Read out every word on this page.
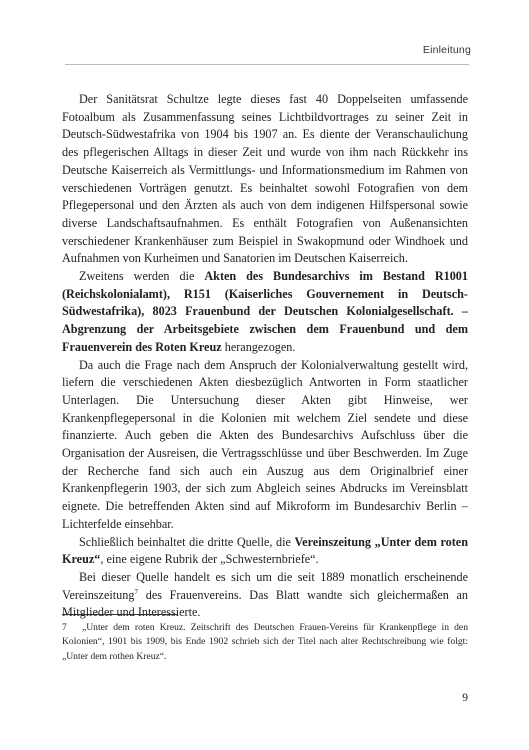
Einleitung

Der Sanitätsrat Schultze legte dieses fast 40 Doppelseiten umfassende Fotoalbum als Zusammenfassung seines Lichtbildvortrages zu seiner Zeit in Deutsch-Südwestafrika von 1904 bis 1907 an. Es diente der Veranschaulichung des pflegerischen Alltags in dieser Zeit und wurde von ihm nach Rückkehr ins Deutsche Kaiserreich als Vermittlungs- und Informationsmedium im Rahmen von verschiedenen Vorträgen genutzt. Es beinhaltet sowohl Fotografien von dem Pflegepersonal und den Ärzten als auch von dem indigenen Hilfspersonal sowie diverse Landschaftsaufnahmen. Es enthält Fotografien von Außenansichten verschiedener Krankenhäuser zum Beispiel in Swakopmund oder Windhoek und Aufnahmen von Kurheimen und Sanatorien im Deutschen Kaiserreich.

Zweitens werden die Akten des Bundesarchivs im Bestand R1001 (Reichskolonialamt), R151 (Kaiserliches Gouvernement in Deutsch-Südwestafrika), 8023 Frauenbund der Deutschen Kolonialgesellschaft. – Abgrenzung der Arbeitsgebiete zwischen dem Frauenbund und dem Frauenverein des Roten Kreuz herangezogen.

Da auch die Frage nach dem Anspruch der Kolonialverwaltung gestellt wird, liefern die verschiedenen Akten diesbezüglich Antworten in Form staatlicher Unterlagen. Die Untersuchung dieser Akten gibt Hinweise, wer Krankenpflegepersonal in die Kolonien mit welchem Ziel sendete und diese finanzierte. Auch geben die Akten des Bundesarchivs Aufschluss über die Organisation der Ausreisen, die Vertragsschlüsse und über Beschwerden. Im Zuge der Recherche fand sich auch ein Auszug aus dem Originalbrief einer Krankenpflegerin 1903, der sich zum Abgleich seines Abdrucks im Vereinsblatt eignete. Die betreffenden Akten sind auf Mikroform im Bundesarchiv Berlin – Lichterfelde einsehbar.

Schließlich beinhaltet die dritte Quelle, die Vereinszeitung „Unter dem roten Kreuz“, eine eigene Rubrik der „Schwesternbriefe“.

Bei dieser Quelle handelt es sich um die seit 1889 monatlich erscheinende Vereinszeitung$^7$ des Frauenvereins. Das Blatt wandte sich gleichermaßen an Mitglieder und Interessierte.

7 „Unter dem roten Kreuz. Zeitschrift des Deutschen Frauen-Vereins für Krankenpflege in den Kolonien“, 1901 bis 1909, bis Ende 1902 schrieb sich der Titel nach alter Rechtschreibung wie folgt: „Unter dem rothen Kreuz“.

9
